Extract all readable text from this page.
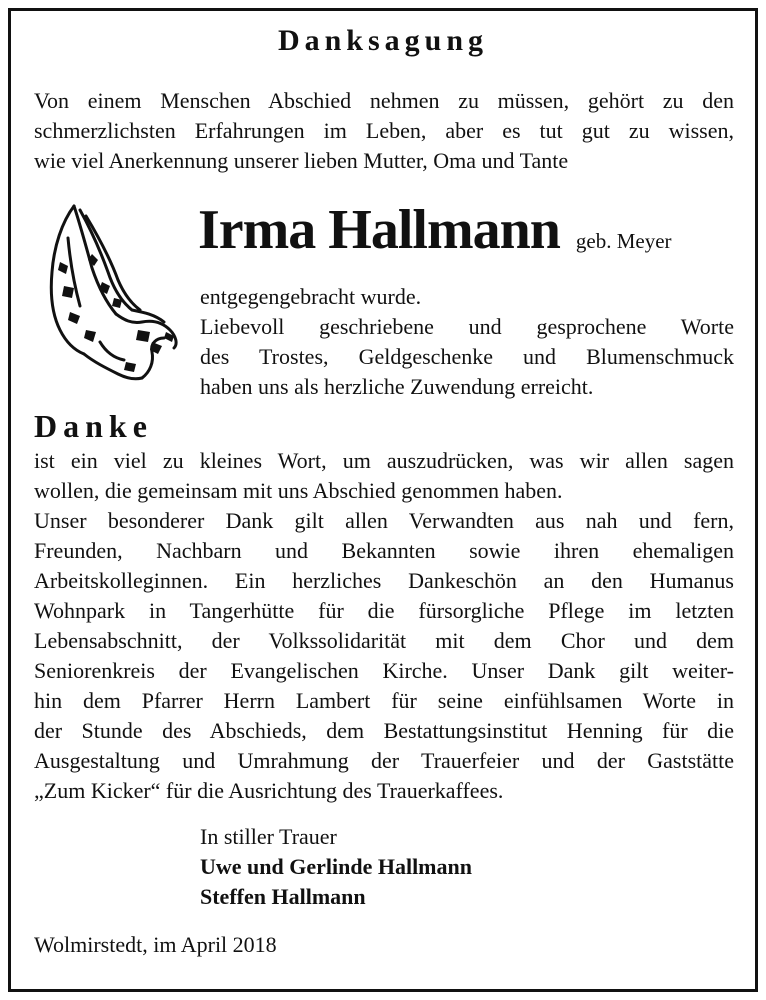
Danksagung
Von einem Menschen Abschied nehmen zu müssen, gehört zu den
schmerzlichsten Erfahrungen im Leben, aber es tut gut zu wissen,
wie viel Anerkennung unserer lieben Mutter, Oma und Tante
Irma Hallmann geb. Meyer
entgegengebracht wurde.
Liebevoll geschriebene und gesprochene Worte
des Trostes, Geldgeschenke und Blumenschmuck
haben uns als herzliche Zuwendung erreicht.
Danke
ist ein viel zu kleines Wort, um auszudrücken, was wir allen sagen
wollen, die gemeinsam mit uns Abschied genommen haben.
Unser besonderer Dank gilt allen Verwandten aus nah und fern,
Freunden, Nachbarn und Bekannten sowie ihren ehemaligen
Arbeitskolleginnen. Ein herzliches Dankeschön an den Humanus
Wohnpark in Tangerhütte für die fürsorgliche Pflege im letzten
Lebensabschnitt, der Volkssolidarität mit dem Chor und dem
Seniorenkreis der Evangelischen Kirche. Unser Dank gilt weiter-
hin dem Pfarrer Herrn Lambert für seine einfühlsamen Worte in
der Stunde des Abschieds, dem Bestattungsinstitut Henning für die
Ausgestaltung und Umrahmung der Trauerfeier und der Gaststätte
„Zum Kicker“ für die Ausrichtung des Trauerkaffees.
In stiller Trauer
Uwe und Gerlinde Hallmann
Steffen Hallmann
Wolmirstedt, im April 2018
